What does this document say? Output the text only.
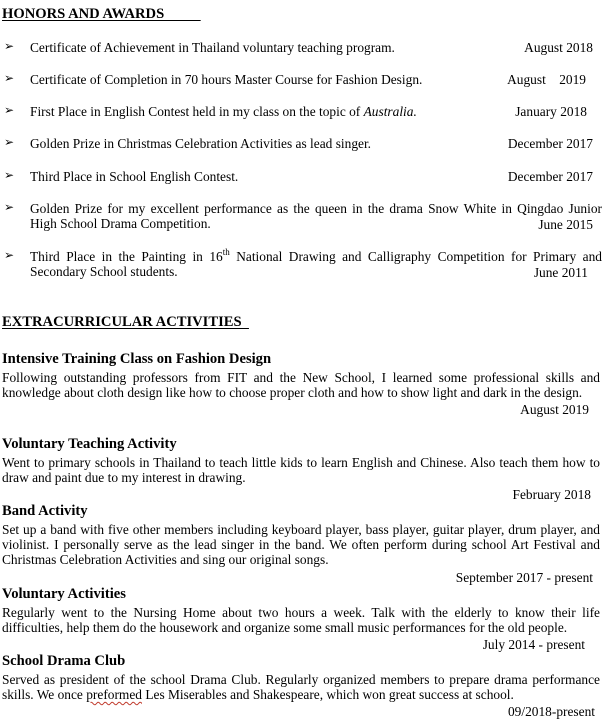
HONORS AND AWARDS
➢ Certificate of Achievement in Thailand voluntary teaching program.	August 2018
➢ Certificate of Completion in 70 hours Master Course for Fashion Design.	August    2019
➢ First Place in English Contest held in my class on the topic of Australia.	January 2018
➢ Golden Prize in Christmas Celebration Activities as lead singer.	December 2017
➢ Third Place in School English Contest.	December 2017
➢ Golden Prize for my excellent performance as the queen in the drama Snow White in Qingdao Junior High School Drama Competition.	June 2015
➢ Third Place in the Painting in 16th National Drawing and Calligraphy Competition for Primary and Secondary School students.	June 2011
EXTRACURRICULAR ACTIVITIES
Intensive Training Class on Fashion Design
Following outstanding professors from FIT and the New School, I learned some professional skills and knowledge about cloth design like how to choose proper cloth and how to show light and dark in the design.
August 2019
Voluntary Teaching Activity
Went to primary schools in Thailand to teach little kids to learn English and Chinese. Also teach them how to draw and paint due to my interest in drawing.
February 2018
Band Activity
Set up a band with five other members including keyboard player, bass player, guitar player, drum player, and violinist. I personally serve as the lead singer in the band. We often perform during school Art Festival and Christmas Celebration Activities and sing our original songs.
September 2017 - present
Voluntary Activities
Regularly went to the Nursing Home about two hours a week. Talk with the elderly to know their life difficulties, help them do the housework and organize some small music performances for the old people.
July 2014 - present
School Drama Club
Served as president of the school Drama Club. Regularly organized members to prepare drama performance skills. We once preformed Les Miserables and Shakespeare, which won great success at school.
09/2018-present
